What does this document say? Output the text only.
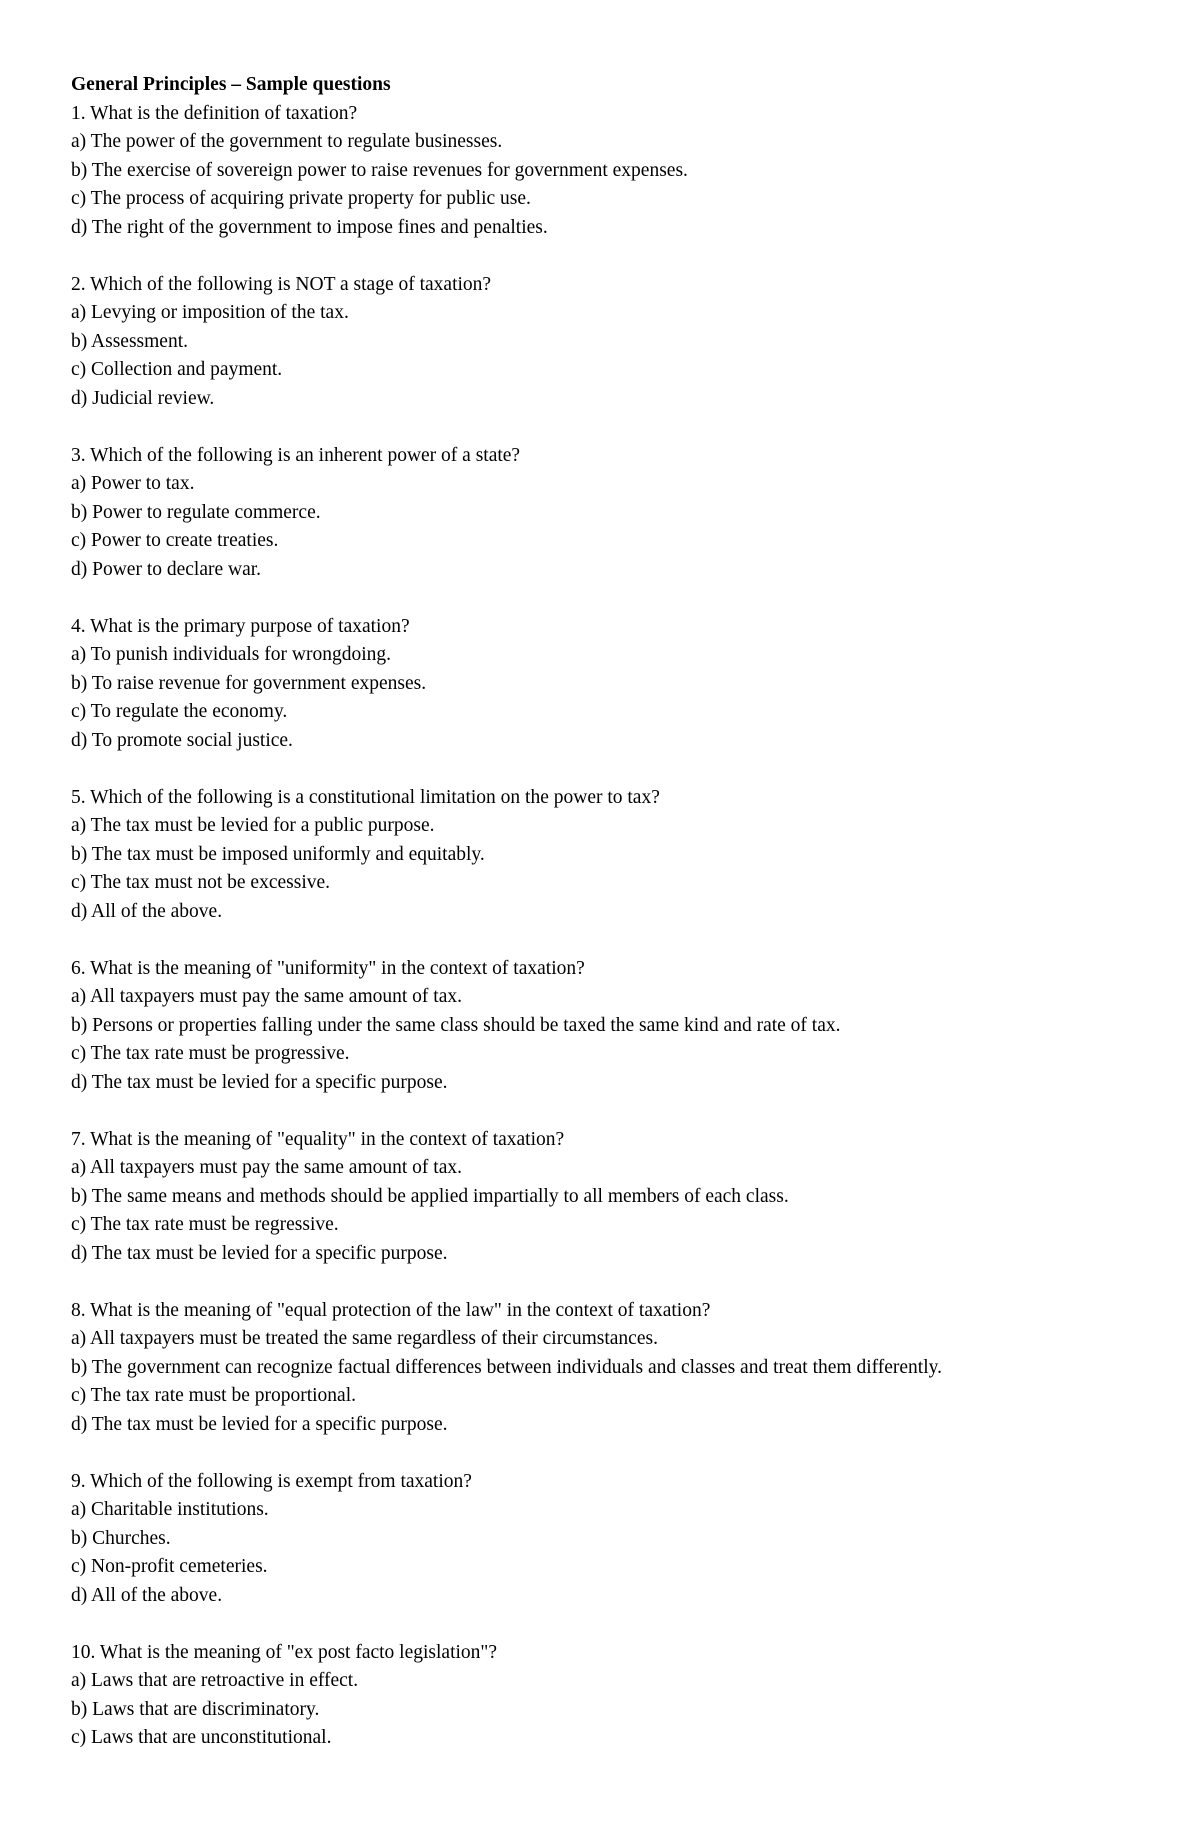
General Principles – Sample questions
1. What is the definition of taxation?
a) The power of the government to regulate businesses.
b) The exercise of sovereign power to raise revenues for government expenses.
c) The process of acquiring private property for public use.
d) The right of the government to impose fines and penalties.
2. Which of the following is NOT a stage of taxation?
a) Levying or imposition of the tax.
b) Assessment.
c) Collection and payment.
d) Judicial review.
3. Which of the following is an inherent power of a state?
a) Power to tax.
b) Power to regulate commerce.
c) Power to create treaties.
d) Power to declare war.
4. What is the primary purpose of taxation?
a) To punish individuals for wrongdoing.
b) To raise revenue for government expenses.
c) To regulate the economy.
d) To promote social justice.
5. Which of the following is a constitutional limitation on the power to tax?
a) The tax must be levied for a public purpose.
b) The tax must be imposed uniformly and equitably.
c) The tax must not be excessive.
d) All of the above.
6. What is the meaning of "uniformity" in the context of taxation?
a) All taxpayers must pay the same amount of tax.
b) Persons or properties falling under the same class should be taxed the same kind and rate of tax.
c) The tax rate must be progressive.
d) The tax must be levied for a specific purpose.
7. What is the meaning of "equality" in the context of taxation?
a) All taxpayers must pay the same amount of tax.
b) The same means and methods should be applied impartially to all members of each class.
c) The tax rate must be regressive.
d) The tax must be levied for a specific purpose.
8. What is the meaning of "equal protection of the law" in the context of taxation?
a) All taxpayers must be treated the same regardless of their circumstances.
b) The government can recognize factual differences between individuals and classes and treat them differently.
c) The tax rate must be proportional.
d) The tax must be levied for a specific purpose.
9. Which of the following is exempt from taxation?
a) Charitable institutions.
b) Churches.
c) Non-profit cemeteries.
d) All of the above.
10. What is the meaning of "ex post facto legislation"?
a) Laws that are retroactive in effect.
b) Laws that are discriminatory.
c) Laws that are unconstitutional.
